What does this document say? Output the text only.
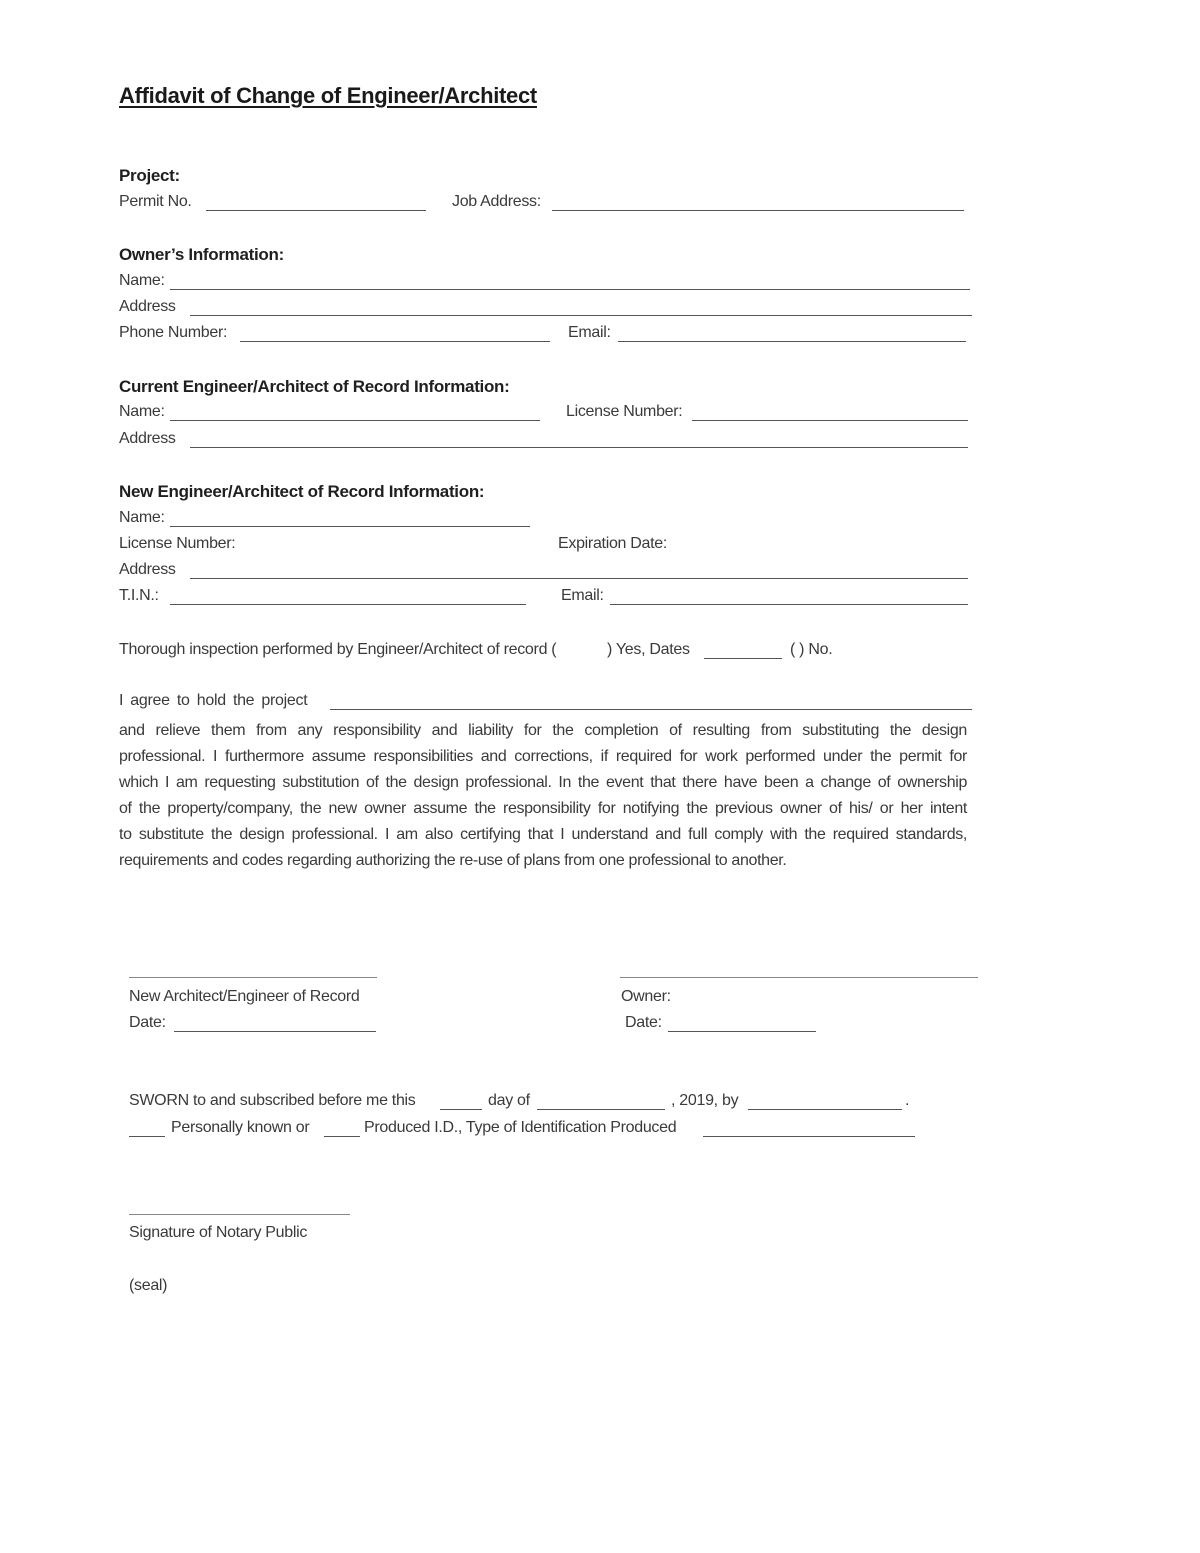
Affidavit of Change of Engineer/Architect
Project:
Permit No.	Job Address:
Owner’s Information:
Name:
Address
Phone Number:	Email:
Current Engineer/Architect of Record Information:
Name:	License Number:
Address
New Engineer/Architect of Record Information:
Name:
License Number:	Expiration Date:
Address
T.I.N.:	Email:
Thorough inspection performed by Engineer/Architect of record (	) Yes, Dates	( ) No.
I agree to hold the project

and relieve them from any responsibility and liability for the completion of resulting from substituting the design

professional. I furthermore assume responsibilities and corrections, if required for work performed under the permit for

which I am requesting substitution of the design professional. In the event that there have been a change of ownership

of the property/company, the new owner assume the responsibility for notifying the previous owner of his/ or her intent

to substitute the design professional. I am also certifying that I understand and full comply with the required standards,

requirements and codes regarding authorizing the re-use of plans from one professional to another.

New Architect/Engineer of Record
Date:
Owner:
Date:
SWORN to and subscribed before me this	day of	, 2019, by	.
Personally known or	Produced I.D., Type of Identification Produced
Signature of Notary Public
(seal)
